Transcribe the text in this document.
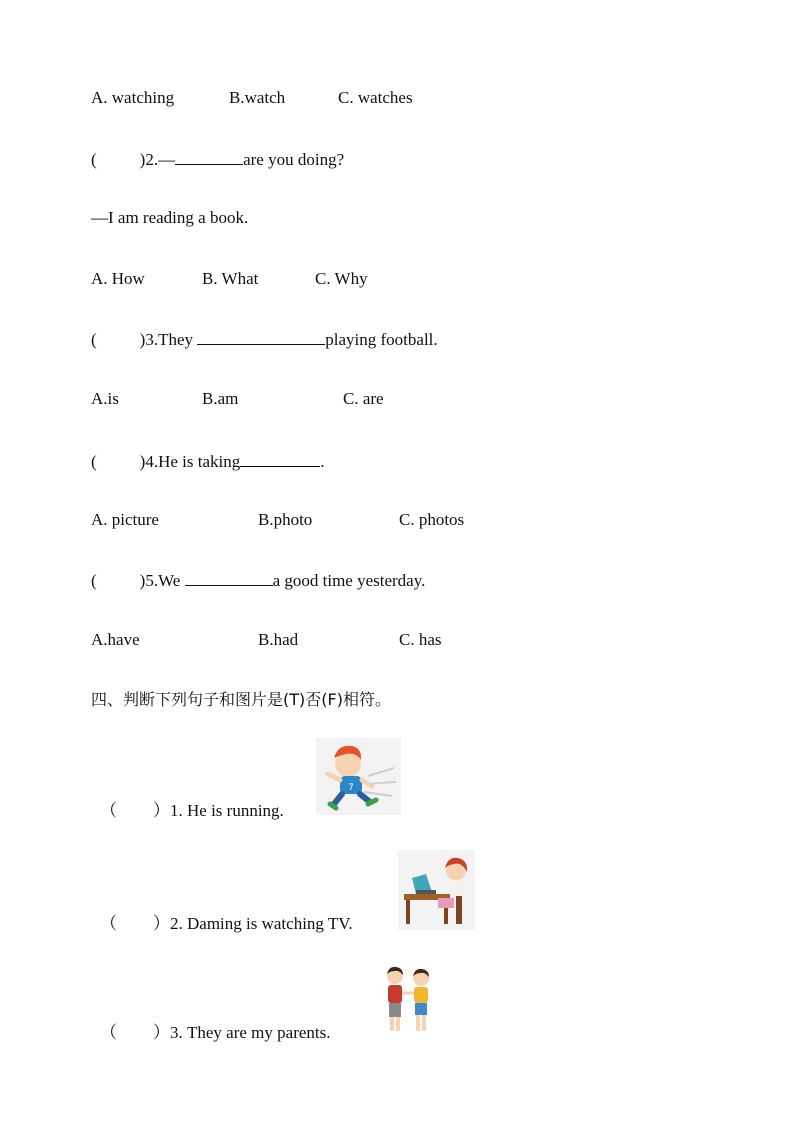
A. watching	B.watch	C. watches
(	)2.—	are you doing?
—I am reading a book.
A. How	B. What	C. Why
(	)3.They	playing football.
A.is	B.am	C. are
(	)4.He is taking	.
A. picture	B.photo	C. photos
(	)5.We	a good time yesterday.
A.have	B.had	C. has
四、判断下列句子和图片是(T)否(F)相符。
（ ）1. He is running.
7
（ ）2. Daming is watching TV.
（ ）3. They are my parents.
